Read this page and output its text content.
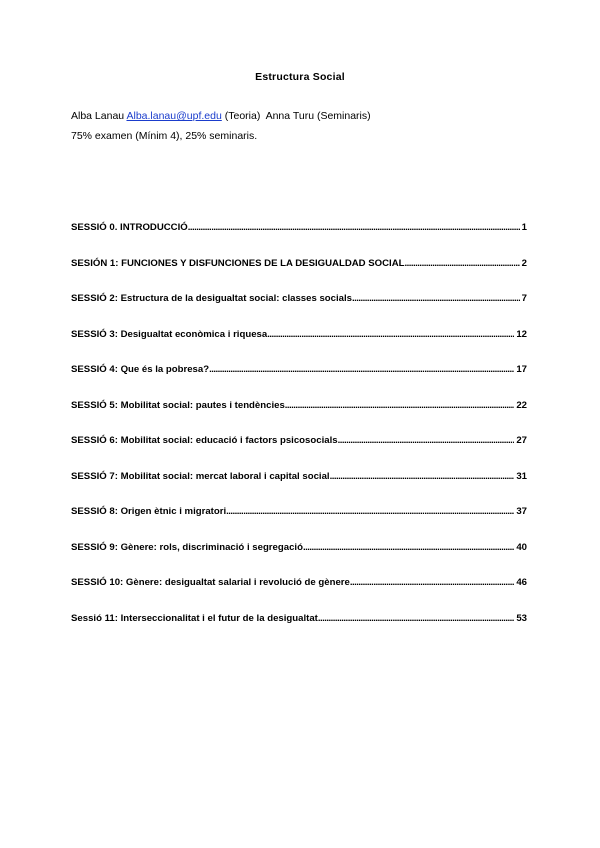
Estructura Social
Alba Lanau Alba.lanau@upf.edu (Teoria) Anna Turu (Seminaris)
75% examen (Mínim 4), 25% seminaris.
SESSIÓ 0. INTRODUCCIÓ . . .	1
SESIÓN 1: FUNCIONES Y DISFUNCIONES DE LA DESIGUALDAD SOCIAL . . .	2
SESSIÓ 2: Estructura de la desigualtat social: classes socials . . .	7
SESSIÓ 3: Desigualtat econòmica i riquesa . . .	12
SESSIÓ 4: Que és la pobresa? . . .	17
SESSIÓ 5: Mobilitat social: pautes i tendències . . .	22
SESSIÓ 6: Mobilitat social: educació i factors psicosocials . . .	27
SESSIÓ 7: Mobilitat social: mercat laboral i capital social . . .	31
SESSIÓ 8: Origen ètnic i migratori . . .	37
SESSIÓ 9: Gènere: rols, discriminació i segregació . . .	40
SESSIÓ 10: Gènere: desigualtat salarial i revolució de gènere . . .	46
Sessió 11: Interseccionalitat i el futur de la desigualtat . . .	53
